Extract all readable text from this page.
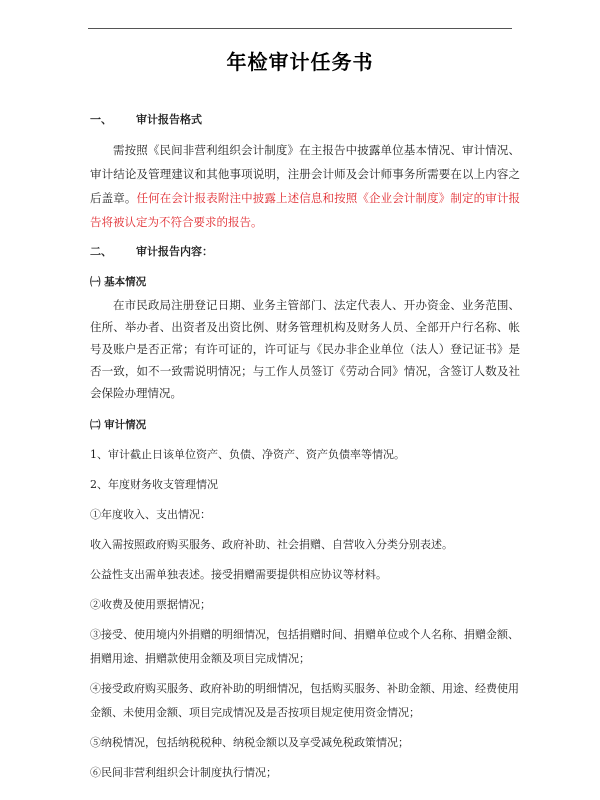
年检审计任务书

一、 审计报告格式

需按照《民间非营利组织会计制度》在主报告中披露单位基本情况、审计情况、审计结论及管理建议和其他事项说明，注册会计师及会计师事务所需要在以上内容之后盖章。任何在会计报表附注中披露上述信息和按照《企业会计制度》制定的审计报告将被认定为不符合要求的报告。

二、 审计报告内容：

㈠ 基本情况

在市民政局注册登记日期、业务主管部门、法定代表人、开办资金、业务范围、住所、举办者、出资者及出资比例、财务管理机构及财务人员、全部开户行名称、帐号及账户是否正常；有许可证的，许可证与《民办非企业单位（法人）登记证书》是否一致，如不一致需说明情况；与工作人员签订《劳动合同》情况，含签订人数及社会保险办理情况。

㈡ 审计情况

1、审计截止日该单位资产、负债、净资产、资产负债率等情况。

2、年度财务收支管理情况

①年度收入、支出情况：

收入需按照政府购买服务、政府补助、社会捐赠、自营收入分类分别表述。

公益性支出需单独表述。接受捐赠需要提供相应协议等材料。

②收费及使用票据情况；

③接受、使用境内外捐赠的明细情况，包括捐赠时间、捐赠单位或个人名称、捐赠金额、捐赠用途、捐赠款使用金额及项目完成情况；

④接受政府购买服务、政府补助的明细情况，包括购买服务、补助金额、用途、经费使用金额、未使用金额、项目完成情况及是否按项目规定使用资金情况；

⑤纳税情况，包括纳税税种、纳税金额以及享受减免税政策情况；

⑥民间非营利组织会计制度执行情况；
